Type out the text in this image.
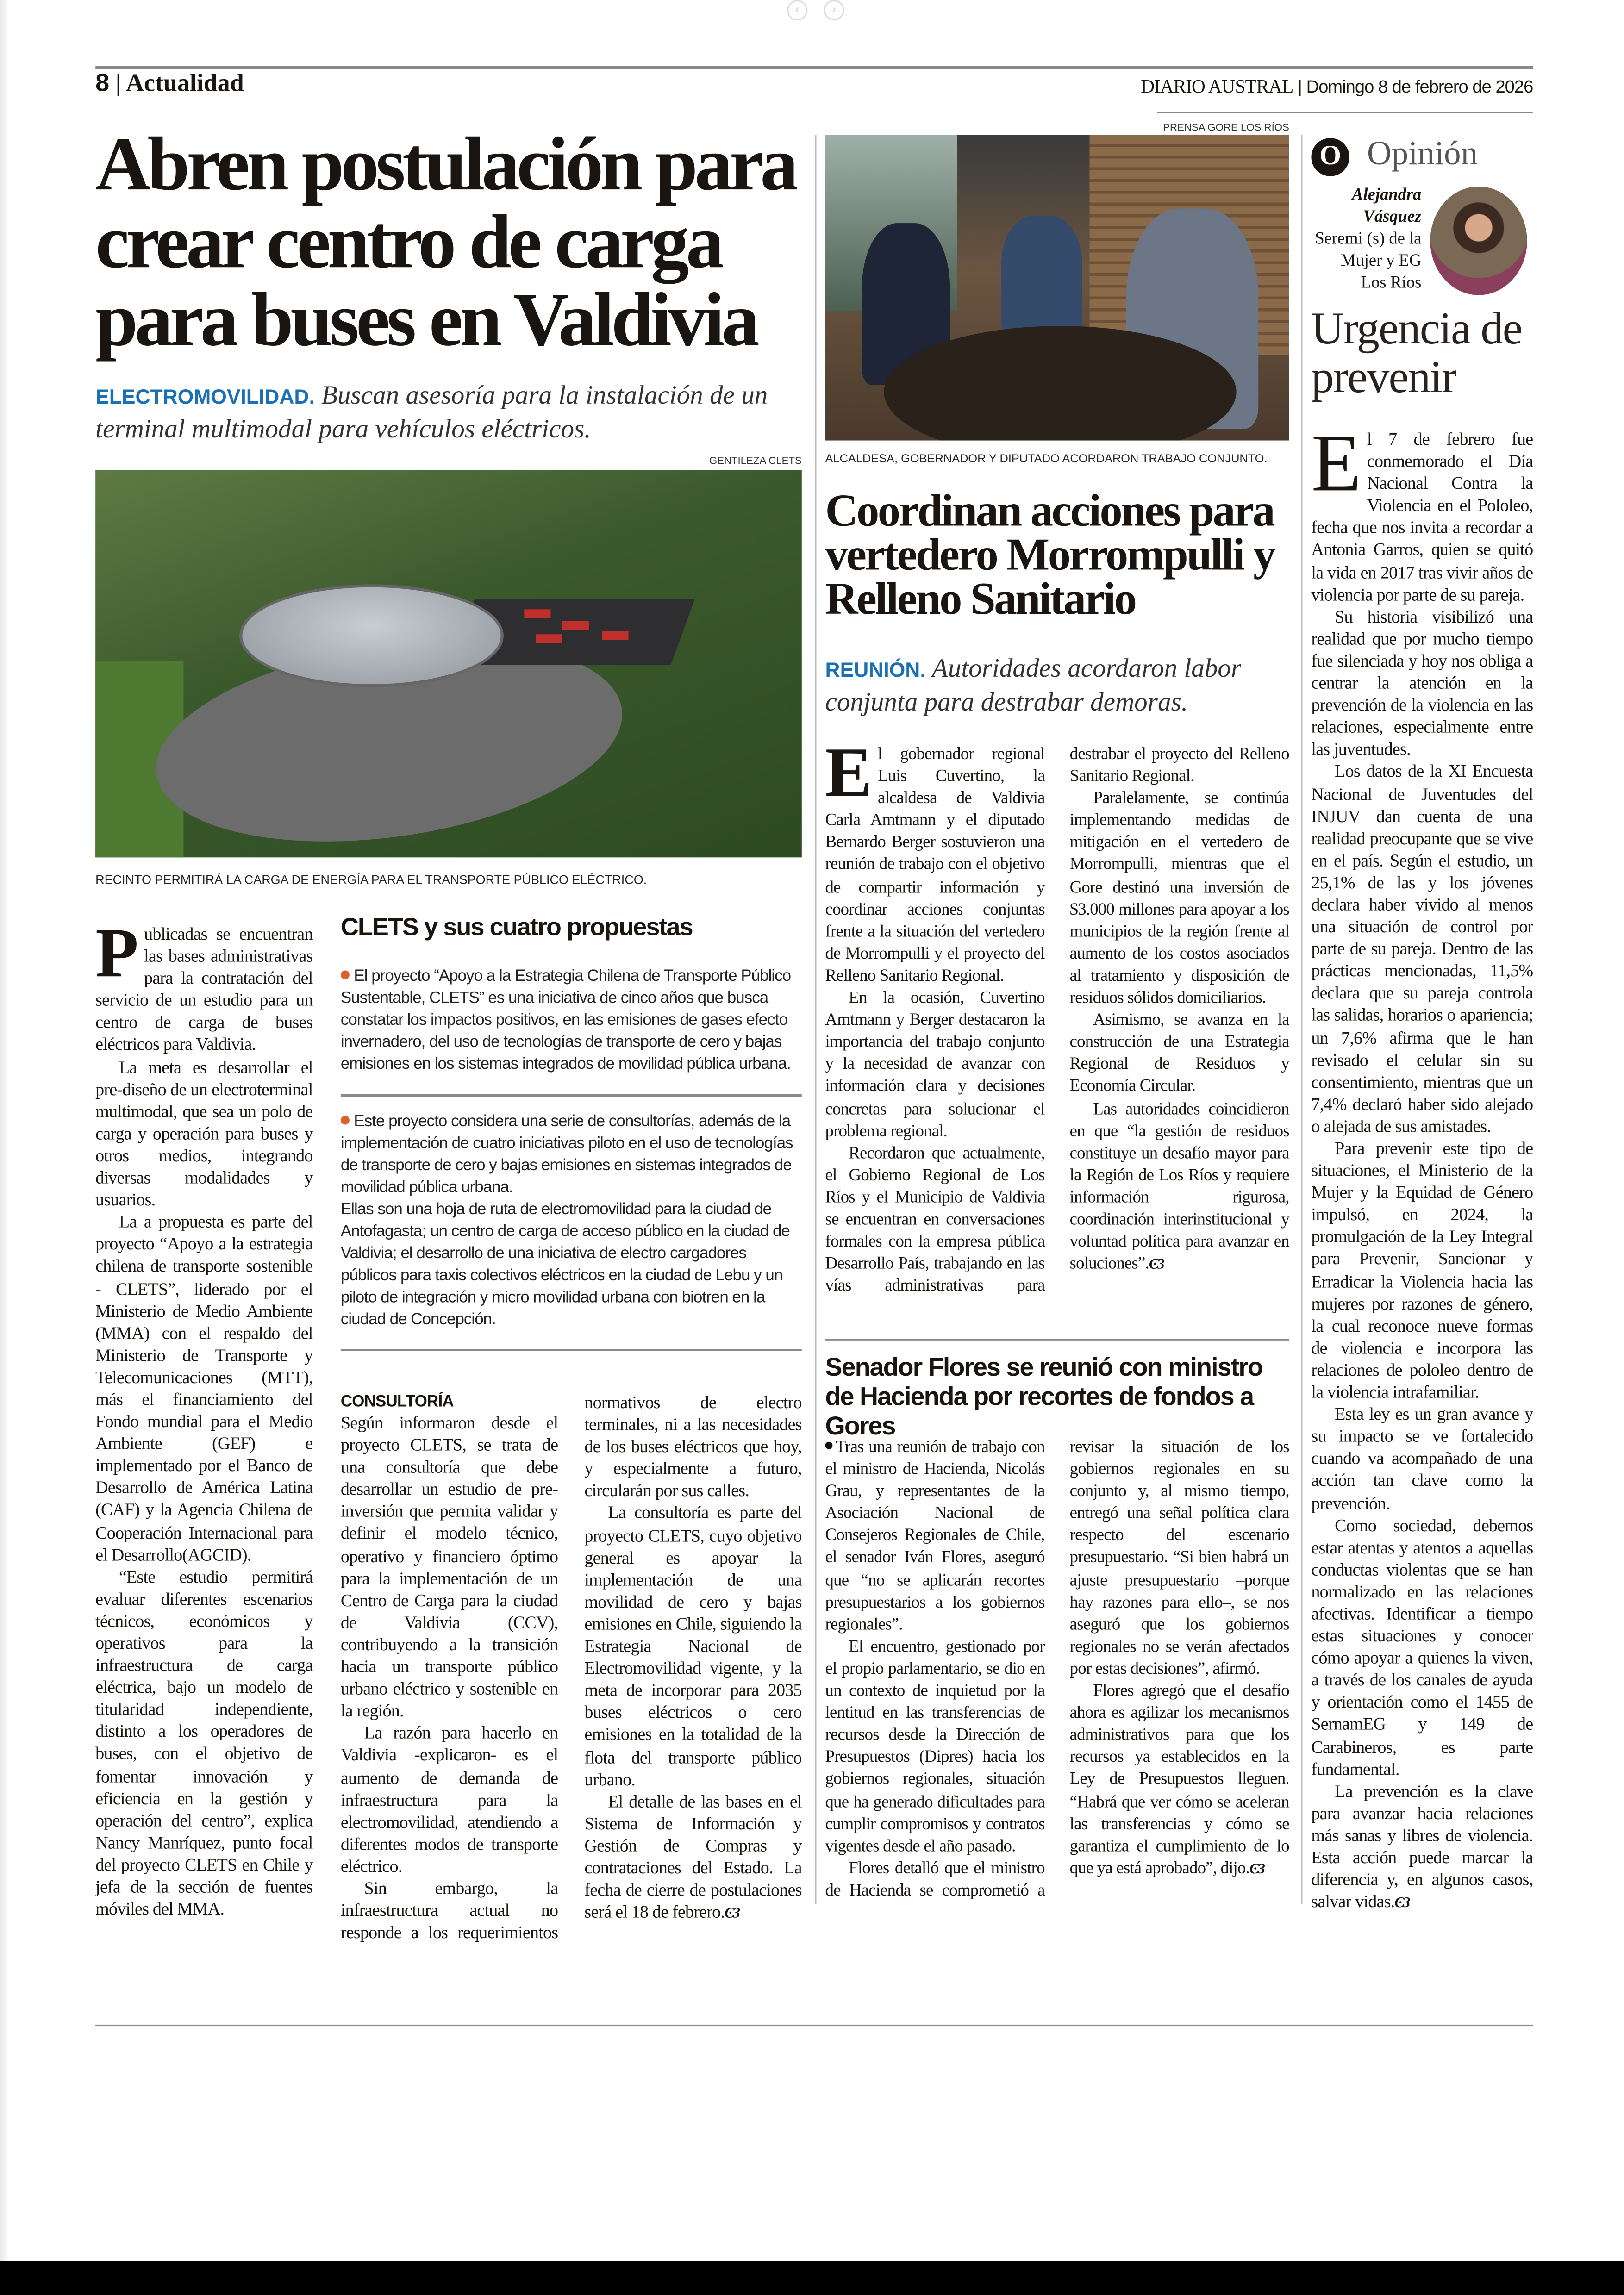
‹	›
8 | Actualidad	DIARIO AUSTRAL | Domingo 8 de febrero de 2026
Abren postulación para crear centro de carga para buses en Valdivia
ELECTROMOVILIDAD. Buscan asesoría para la instalación de un terminal multimodal para vehículos eléctricos.
GENTILEZA CLETS
RECINTO PERMITIRÁ LA CARGA DE ENERGÍA PARA EL TRANSPORTE PÚBLICO ELÉCTRICO.

P ublicadas se encuentran las bases administrativas para la contratación del servicio de un estudio para un centro de carga de buses eléctricos para Valdivia.

La meta es desarrollar el pre-diseño de un electroterminal multimodal, que sea un polo de carga y operación para buses y otros medios, integrando diversas modalidades y usuarios.

La a propuesta es parte del proyecto “Apoyo a la estrategia chilena de transporte sostenible - CLETS”, liderado por el Ministerio de Medio Ambiente (MMA) con el respaldo del Ministerio de Transporte y Telecomunicaciones (MTT), más el financiamiento del Fondo mundial para el Medio Ambiente (GEF) e implementado por el Banco de Desarrollo de América Latina (CAF) y la Agencia Chilena de Cooperación Internacional para el Desarrollo(AGCID).

“Este estudio permitirá evaluar diferentes escenarios técnicos, económicos y operativos para la infraestructura de carga eléctrica, bajo un modelo de titularidad independiente, distinto a los operadores de buses, con el objetivo de fomentar innovación y eficiencia en la gestión y operación del centro”, explica Nancy Manríquez, punto focal del proyecto CLETS en Chile y jefa de la sección de fuentes móviles del MMA.

CLETS y sus cuatro propuestas
El proyecto “Apoyo a la Estrategia Chilena de Transporte Público Sustentable, CLETS” es una iniciativa de cinco años que busca constatar los impactos positivos, en las emisiones de gases efecto invernadero, del uso de tecnologías de transporte de cero y bajas emisiones en los sistemas integrados de movilidad pública urbana.
Este proyecto considera una serie de consultorías, además de la implementación de cuatro iniciativas piloto en el uso de tecnologías de transporte de cero y bajas emisiones en sistemas integrados de movilidad pública urbana.
Ellas son una hoja de ruta de electromovilidad para la ciudad de Antofagasta; un centro de carga de acceso público en la ciudad de Valdivia; el desarrollo de una iniciativa de electro cargadores públicos para taxis colectivos eléctricos en la ciudad de Lebu y un piloto de integración y micro movilidad urbana con biotren en la ciudad de Concepción.
CONSULTORÍA

Según informaron desde el proyecto CLETS, se trata de una consultoría que debe desarrollar un estudio de pre-inversión que permita validar y definir el modelo técnico, operativo y financiero óptimo para la implementación de un Centro de Carga para la ciudad de Valdivia (CCV), contribuyendo a la transición hacia un transporte público urbano eléctrico y sostenible en la región.

La razón para hacerlo en Valdivia -explicaron- es el aumento de demanda de infraestructura para la electromovilidad, atendiendo a diferentes modos de transporte eléctrico.

Sin embargo, la infraestructura actual no responde a los requerimientos normativos de electro terminales, ni a las necesidades de los buses eléctricos que hoy, y especialmente a futuro, circularán por sus calles.

La consultoría es parte del proyecto CLETS, cuyo objetivo general es apoyar la implementación de una movilidad de cero y bajas emisiones en Chile, siguiendo la Estrategia Nacional de Electromovilidad vigente, y la meta de incorporar para 2035 buses eléctricos o cero emisiones en la totalidad de la flota del transporte público urbano.

El detalle de las bases en el Sistema de Información y Gestión de Compras y contrataciones del Estado. La fecha de cierre de postulaciones será el 18 de febrero.Ͼ3

PRENSA GORE LOS RÍOS
ALCALDESA, GOBERNADOR Y DIPUTADO ACORDARON TRABAJO CONJUNTO.
Coordinan acciones para vertedero Morrompulli y Relleno Sanitario
REUNIÓN. Autoridades acordaron labor conjunta para destrabar demoras.

E l gobernador regional Luis Cuvertino, la alcaldesa de Valdivia Carla Amtmann y el diputado Bernardo Berger sostuvieron una reunión de trabajo con el objetivo de compartir información y coordinar acciones conjuntas frente a la situación del vertedero de Morrompulli y el proyecto del Relleno Sanitario Regional.

En la ocasión, Cuvertino Amtmann y Berger destacaron la importancia del trabajo conjunto y la necesidad de avanzar con información clara y decisiones concretas para solucionar el problema regional.

Recordaron que actualmente, el Gobierno Regional de Los Ríos y el Municipio de Valdivia se encuentran en conversaciones formales con la empresa pública Desarrollo País, trabajando en las vías administrativas para destrabar el proyecto del Relleno Sanitario Regional.

Paralelamente, se continúa implementando medidas de mitigación en el vertedero de Morrompulli, mientras que el Gore destinó una inversión de $3.000 millones para apoyar a los municipios de la región frente al aumento de los costos asociados al tratamiento y disposición de residuos sólidos domiciliarios.

Asimismo, se avanza en la construcción de una Estrategia Regional de Residuos y Economía Circular.

Las autoridades coincidieron en que “la gestión de residuos constituye un desafío mayor para la Región de Los Ríos y requiere información rigurosa, coordinación interinstitucional y voluntad política para avanzar en soluciones”.Ͼ3

Senador Flores se reunió con ministro de Hacienda por recortes de fondos a Gores

Tras una reunión de trabajo con el ministro de Hacienda, Nicolás Grau, y representantes de la Asociación Nacional de Consejeros Regionales de Chile, el senador Iván Flores, aseguró que “no se aplicarán recortes presupuestarios a los gobiernos regionales”.

El encuentro, gestionado por el propio parlamentario, se dio en un contexto de inquietud por la lentitud en las transferencias de recursos desde la Dirección de Presupuestos (Dipres) hacia los gobiernos regionales, situación que ha generado dificultades para cumplir compromisos y contratos vigentes desde el año pasado.

Flores detalló que el ministro de Hacienda se comprometió a revisar la situación de los gobiernos regionales en su conjunto y, al mismo tiempo, entregó una señal política clara respecto del escenario presupuestario. “Si bien habrá un ajuste presupuestario –porque hay razones para ello–, se nos aseguró que los gobiernos regionales no se verán afectados por estas decisiones”, afirmó.

Flores agregó que el desafío ahora es agilizar los mecanismos administrativos para que los recursos ya establecidos en la Ley de Presupuestos lleguen. “Habrá que ver cómo se aceleran las transferencias y cómo se garantiza el cumplimiento de lo que ya está aprobado”, dijo.Ͼ3

O	Opinión
Alejandra
Vásquez
Seremi (s) de la Mujer y EG Los Ríos
Urgencia de prevenir

E l 7 de febrero fue conmemorado el Día Nacional Contra la Violencia en el Pololeo, fecha que nos invita a recordar a Antonia Garros, quien se quitó la vida en 2017 tras vivir años de violencia por parte de su pareja.

Su historia visibilizó una realidad que por mucho tiempo fue silenciada y hoy nos obliga a centrar la atención en la prevención de la violencia en las relaciones, especialmente entre las juventudes.

Los datos de la XI Encuesta Nacional de Juventudes del INJUV dan cuenta de una realidad preocupante que se vive en el país. Según el estudio, un 25,1% de las y los jóvenes declara haber vivido al menos una situación de control por parte de su pareja. Dentro de las prácticas mencionadas, 11,5% declara que su pareja controla las salidas, horarios o apariencia; un 7,6% afirma que le han revisado el celular sin su consentimiento, mientras que un 7,4% declaró haber sido alejado o alejada de sus amistades.

Para prevenir este tipo de situaciones, el Ministerio de la Mujer y la Equidad de Género impulsó, en 2024, la promulgación de la Ley Integral para Prevenir, Sancionar y Erradicar la Violencia hacia las mujeres por razones de género, la cual reconoce nueve formas de violencia e incorpora las relaciones de pololeo dentro de la violencia intrafamiliar.

Esta ley es un gran avance y su impacto se ve fortalecido cuando va acompañado de una acción tan clave como la prevención.

Como sociedad, debemos estar atentas y atentos a aquellas conductas violentas que se han normalizado en las relaciones afectivas. Identificar a tiempo estas situaciones y conocer cómo apoyar a quienes la viven, a través de los canales de ayuda y orientación como el 1455 de SernamEG y 149 de Carabineros, es parte fundamental.

La prevención es la clave para avanzar hacia relaciones más sanas y libres de violencia. Esta acción puede marcar la diferencia y, en algunos casos, salvar vidas.Ͼ3
